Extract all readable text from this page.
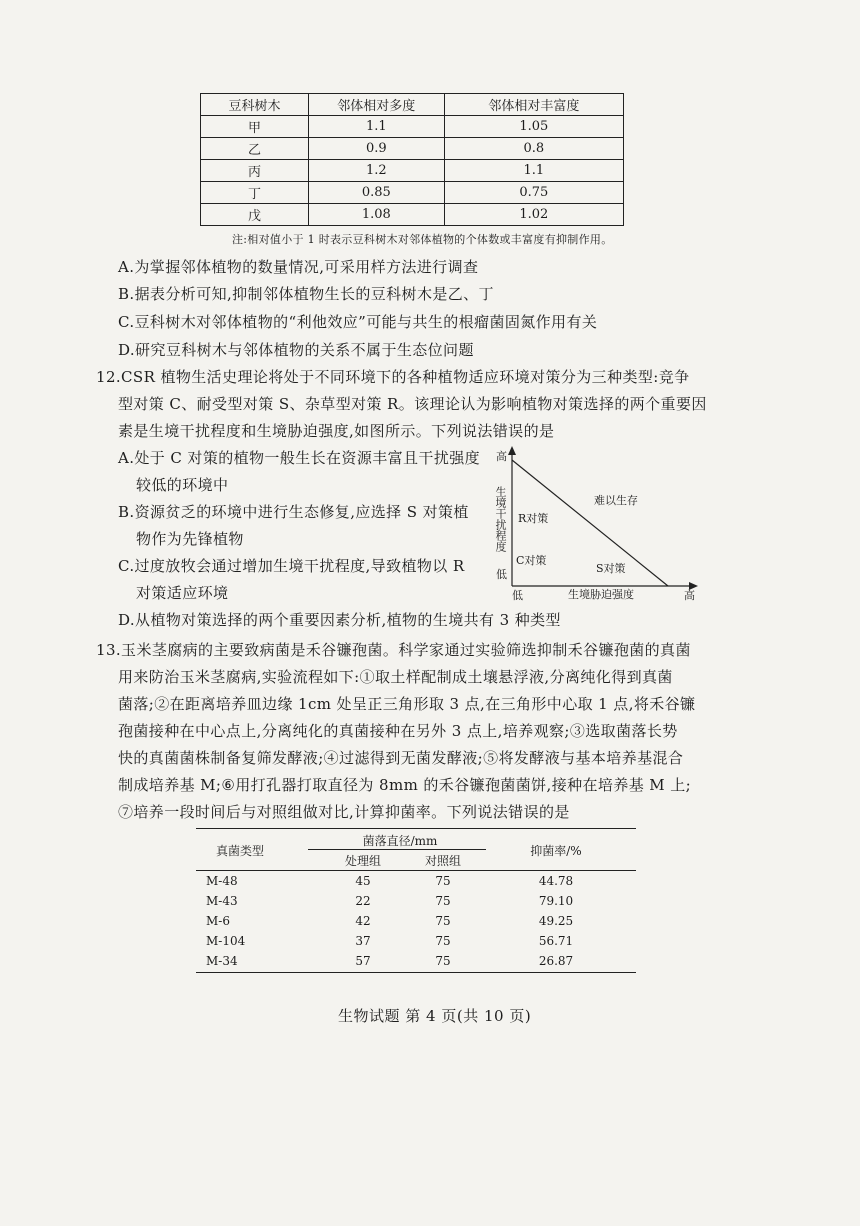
豆科树木	邻体相对多度	邻体相对丰富度
甲	1.1	1.05
乙	0.9	0.8
丙	1.2	1.1
丁	0.85	0.75
戊	1.08	1.02
注:相对值小于 1 时表示豆科树木对邻体植物的个体数或丰富度有抑制作用。
A.为掌握邻体植物的数量情况,可采用样方法进行调查
B.据表分析可知,抑制邻体植物生长的豆科树木是乙、丁
C.豆科树木对邻体植物的“利他效应”可能与共生的根瘤菌固氮作用有关
D.研究豆科树木与邻体植物的关系不属于生态位问题
12.CSR 植物生活史理论将处于不同环境下的各种植物适应环境对策分为三种类型:竞争
型对策 C、耐受型对策 S、杂草型对策 R。该理论认为影响植物对策选择的两个重要因
素是生境干扰程度和生境胁迫强度,如图所示。下列说法错误的是
A.处于 C 对策的植物一般生长在资源丰富且干扰强度
较低的环境中
B.资源贫乏的环境中进行生态修复,应选择 S 对策植
物作为先锋植物
C.过度放牧会通过增加生境干扰程度,导致植物以 R
对策适应环境
D.从植物对策选择的两个重要因素分析,植物的生境共有 3 种类型
高
生境干扰程度
低
低	生境胁迫强度	高
难以生存
R对策
C对策
S对策
13.玉米茎腐病的主要致病菌是禾谷镰孢菌。科学家通过实验筛选抑制禾谷镰孢菌的真菌
用来防治玉米茎腐病,实验流程如下:①取土样配制成土壤悬浮液,分离纯化得到真菌
菌落;②在距离培养皿边缘 1cm 处呈正三角形取 3 点,在三角形中心取 1 点,将禾谷镰
孢菌接种在中心点上,分离纯化的真菌接种在另外 3 点上,培养观察;③选取菌落长势
快的真菌菌株制备复筛发酵液;④过滤得到无菌发酵液;⑤将发酵液与基本培养基混合
制成培养基 M;⑥用打孔器打取直径为 8mm 的禾谷镰孢菌菌饼,接种在培养基 M 上;
⑦培养一段时间后与对照组做对比,计算抑菌率。下列说法错误的是
真菌类型
菌落直径/mm
处理组	对照组
抑菌率/%
M-48	45	75	44.78
M-43	22	75	79.10
M-6	42	75	49.25
M-104	37	75	56.71
M-34	57	75	26.87
生物试题 第 4 页(共 10 页)
